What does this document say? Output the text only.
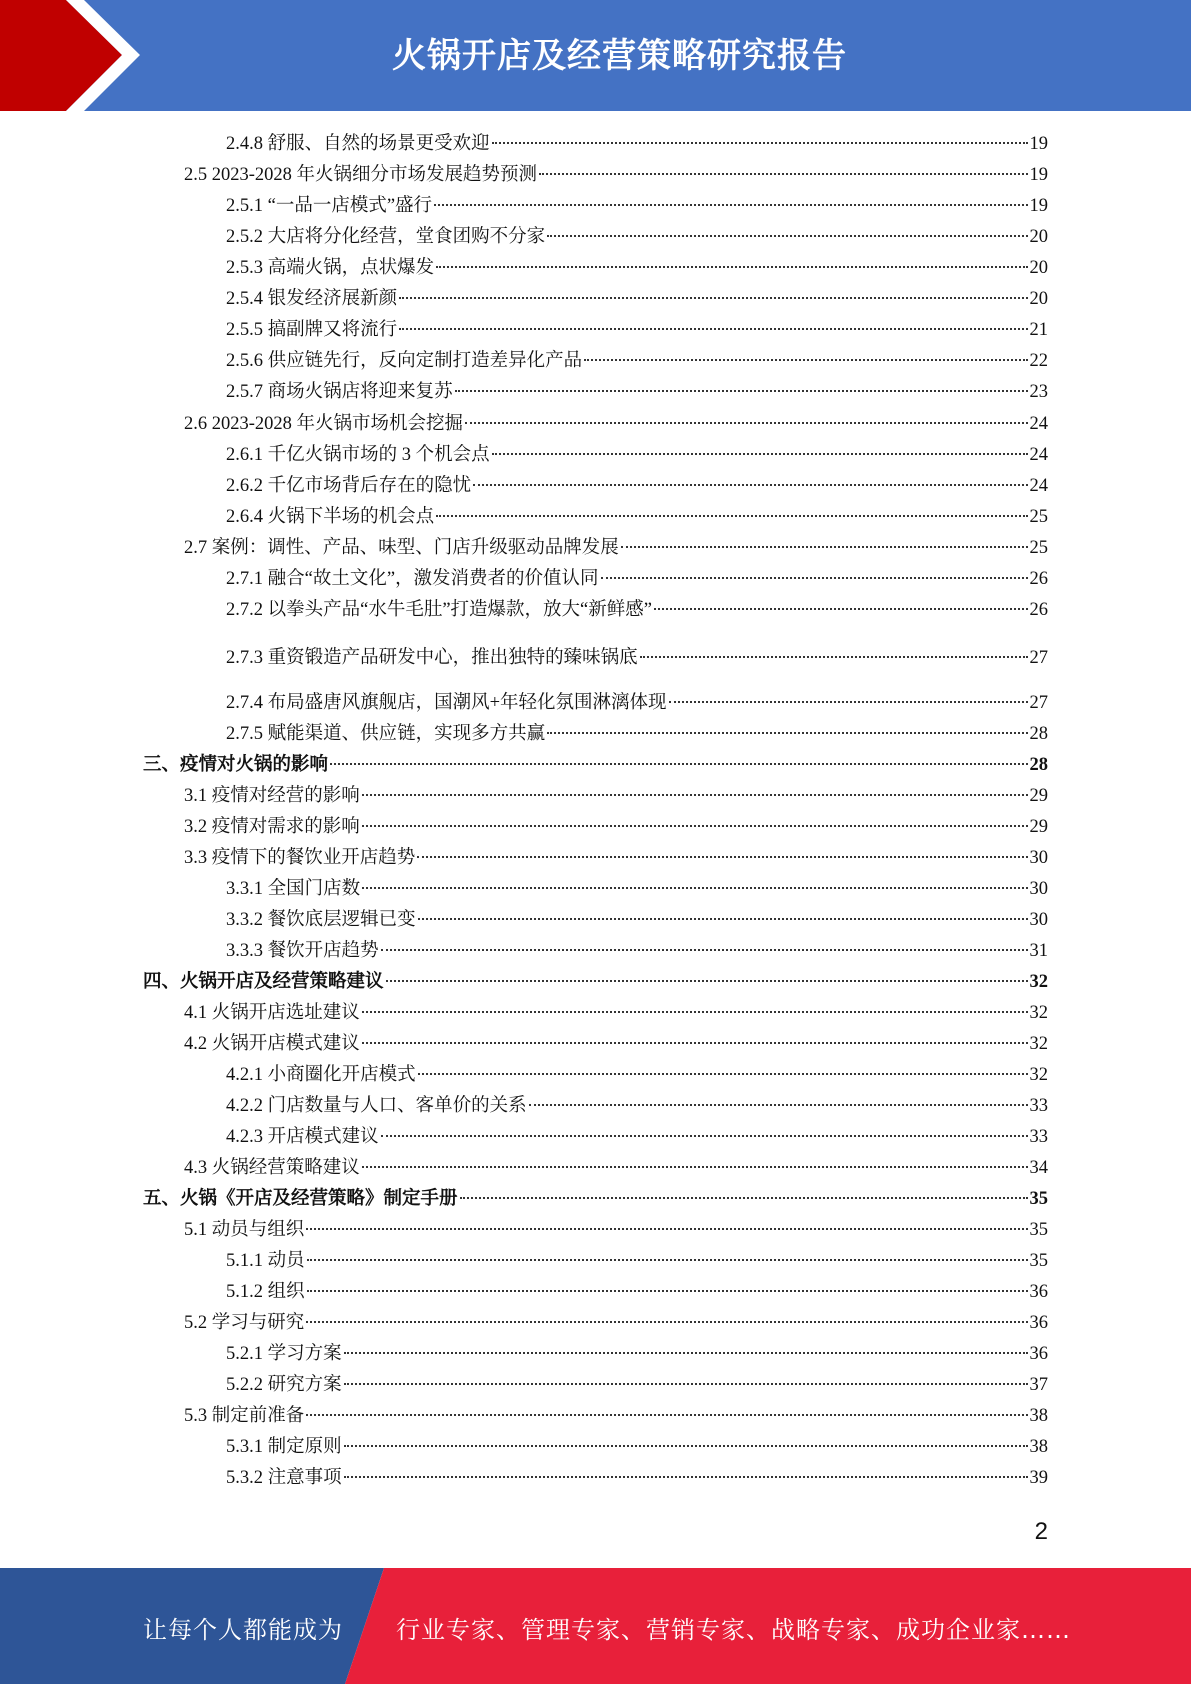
火锅开店及经营策略研究报告
2.4.8 舒服、自然的场景更受欢迎	19
2.5 2023-2028 年火锅细分市场发展趋势预测	19
2.5.1 “一品一店模式”盛行	19
2.5.2 大店将分化经营，堂食团购不分家	20
2.5.3 高端火锅，点状爆发	20
2.5.4 银发经济展新颜	20
2.5.5 搞副牌又将流行	21
2.5.6 供应链先行，反向定制打造差异化产品	22
2.5.7 商场火锅店将迎来复苏	23
2.6 2023-2028 年火锅市场机会挖掘	24
2.6.1 千亿火锅市场的 3 个机会点	24
2.6.2 千亿市场背后存在的隐忧	24
2.6.4 火锅下半场的机会点	25
2.7 案例：调性、产品、味型、门店升级驱动品牌发展	25
2.7.1 融合“故土文化”，激发消费者的价值认同	26
2.7.2 以拳头产品“水牛毛肚”打造爆款，放大“新鲜感”	26
2.7.3 重资锻造产品研发中心，推出独特的臻味锅底	27
2.7.4 布局盛唐风旗舰店，国潮风+年轻化氛围淋漓体现	27
2.7.5 赋能渠道、供应链，实现多方共赢	28
三、疫情对火锅的影响	28
3.1 疫情对经营的影响	29
3.2 疫情对需求的影响	29
3.3 疫情下的餐饮业开店趋势	30
3.3.1 全国门店数	30
3.3.2 餐饮底层逻辑已变	30
3.3.3 餐饮开店趋势	31
四、火锅开店及经营策略建议	32
4.1 火锅开店选址建议	32
4.2 火锅开店模式建议	32
4.2.1 小商圈化开店模式	32
4.2.2 门店数量与人口、客单价的关系	33
4.2.3 开店模式建议	33
4.3 火锅经营策略建议	34
五、火锅《开店及经营策略》制定手册	35
5.1 动员与组织	35
5.1.1 动员	35
5.1.2 组织	36
5.2 学习与研究	36
5.2.1 学习方案	36
5.2.2 研究方案	37
5.3 制定前准备	38
5.3.1 制定原则	38
5.3.2 注意事项	39
2
让每个人都能成为 行业专家、管理专家、营销专家、战略专家、成功企业家……
